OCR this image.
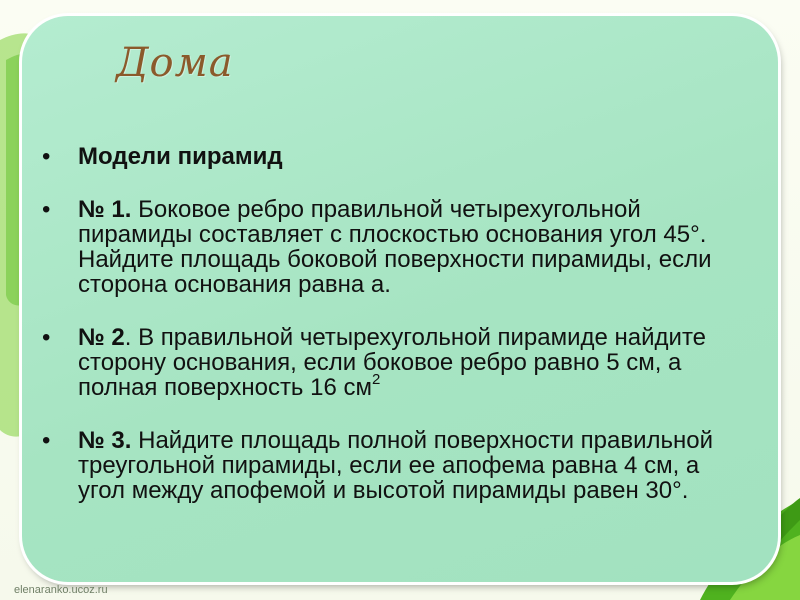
Дома
• Модели пирамид
• № 1. Боковое ребро правильной четырехугольной пирамиды составляет с плоскостью основания угол 45°. Найдите площадь боковой поверхности пирамиды, если сторона основания равна а.
• № 2. В правильной четырехугольной пирамиде найдите сторону основания, если боковое ребро равно 5 см, а полная поверхность 16 $см^2$
• № 3. Найдите площадь полной поверхности правильной треугольной пирамиды, если ее апофема равна 4 см, а угол между апофемой и высотой пирамиды равен 30°.
elenaranko.ucoz.ru
